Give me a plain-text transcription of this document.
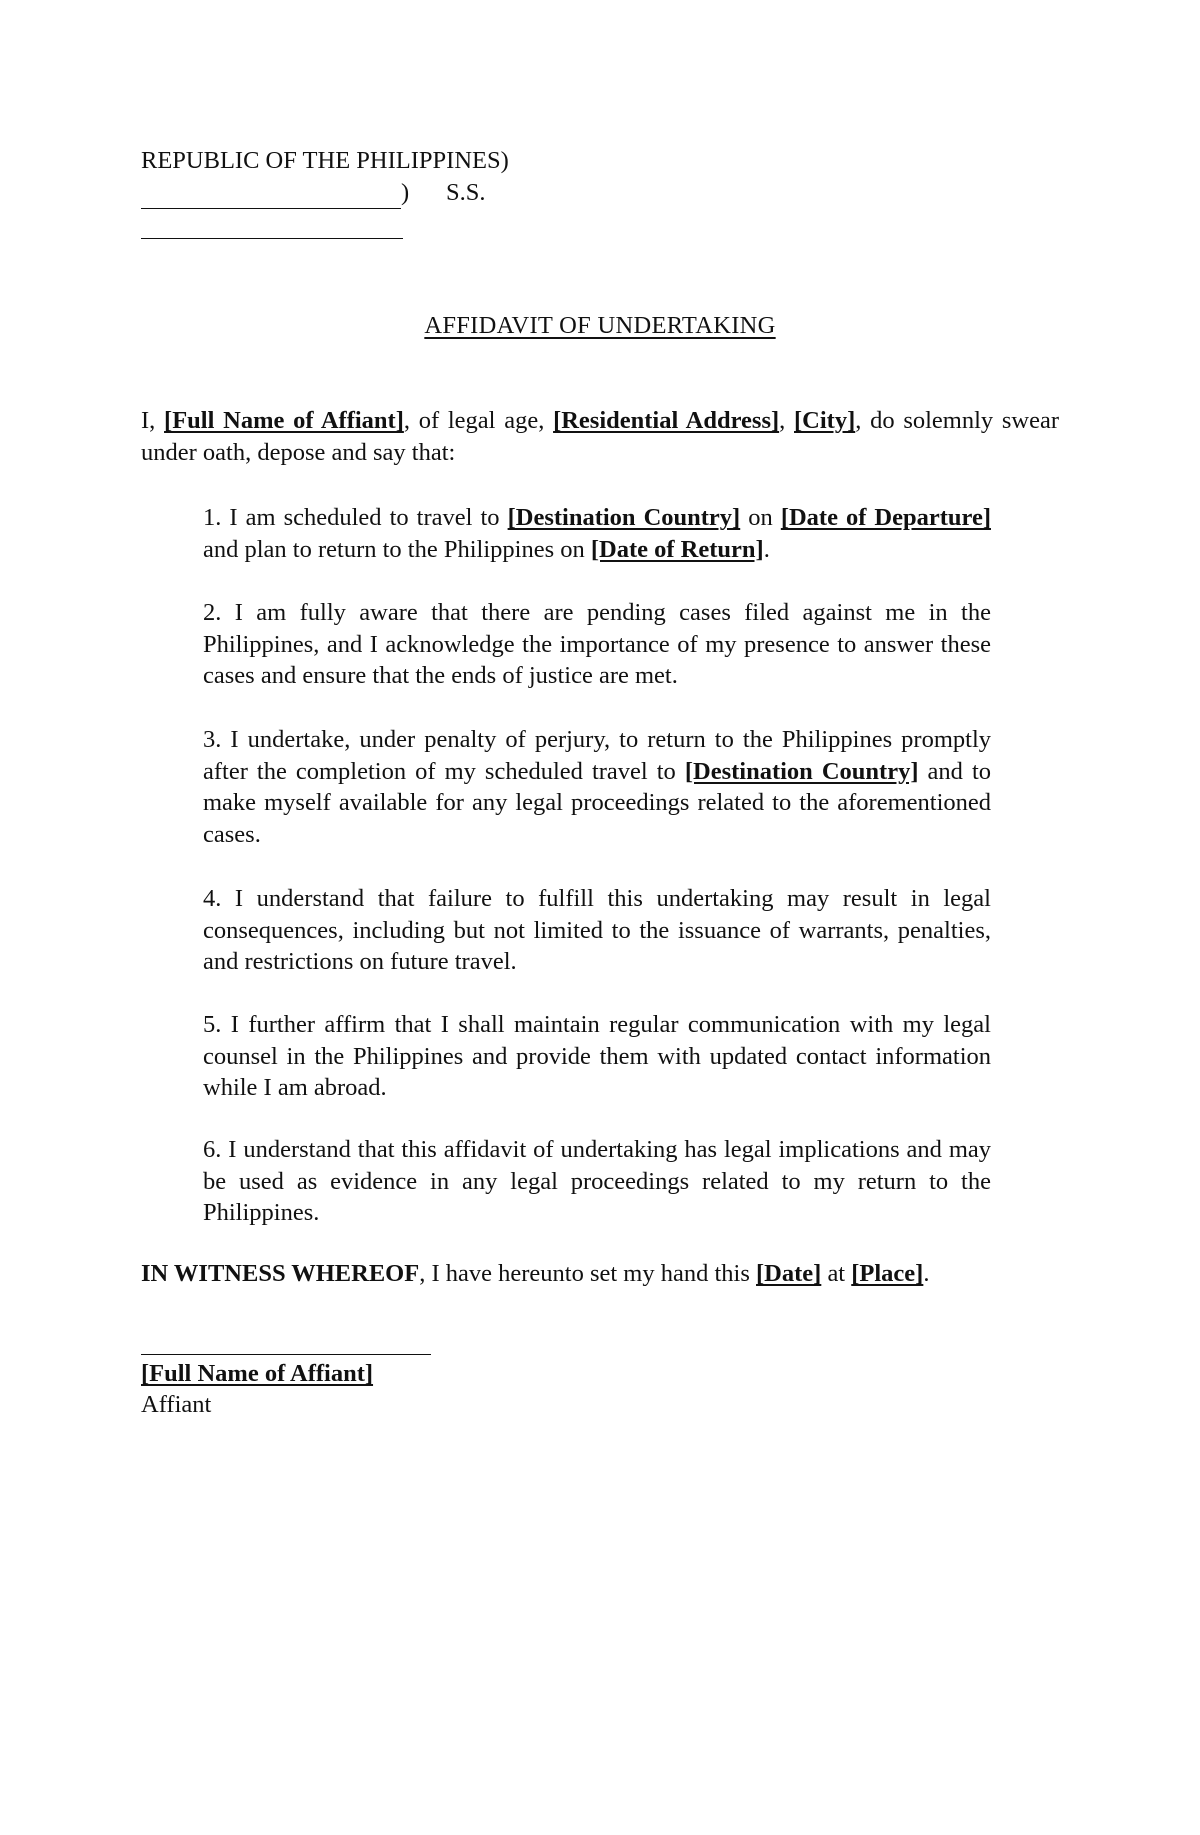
REPUBLIC OF THE PHILIPPINES)
) S.S.
AFFIDAVIT OF UNDERTAKING
I, [Full Name of Affiant], of legal age, [Residential Address], [City], do solemnly swear under oath, depose and say that:
1. I am scheduled to travel to [Destination Country] on [Date of Departure] and plan to return to the Philippines on [Date of Return].
2. I am fully aware that there are pending cases filed against me in the Philippines, and I acknowledge the importance of my presence to answer these cases and ensure that the ends of justice are met.
3. I undertake, under penalty of perjury, to return to the Philippines promptly after the completion of my scheduled travel to [Destination Country] and to make myself available for any legal proceedings related to the aforementioned cases.
4. I understand that failure to fulfill this undertaking may result in legal consequences, including but not limited to the issuance of warrants, penalties, and restrictions on future travel.
5. I further affirm that I shall maintain regular communication with my legal counsel in the Philippines and provide them with updated contact information while I am abroad.
6. I understand that this affidavit of undertaking has legal implications and may be used as evidence in any legal proceedings related to my return to the Philippines.
IN WITNESS WHEREOF, I have hereunto set my hand this [Date] at [Place].
[Full Name of Affiant]
Affiant
